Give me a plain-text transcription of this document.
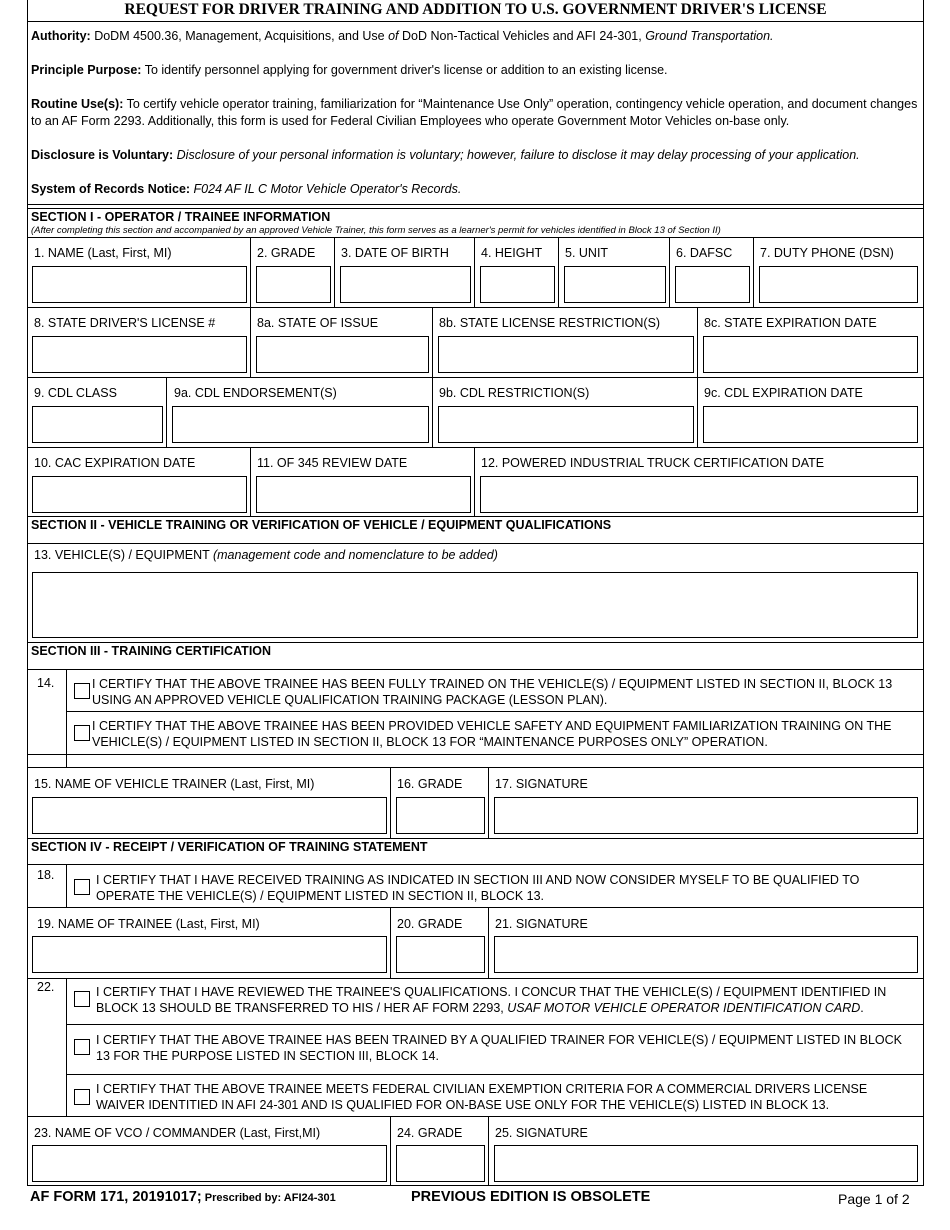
REQUEST FOR DRIVER TRAINING AND ADDITION TO U.S. GOVERNMENT DRIVER'S LICENSE
Authority: DoDM 4500.36, Management, Acquisitions, and Use of DoD Non-Tactical Vehicles and AFI 24-301, Ground Transportation.
Principle Purpose: To identify personnel applying for government driver's license or addition to an existing license.
Routine Use(s): To certify vehicle operator training, familiarization for “Maintenance Use Only” operation, contingency vehicle operation, and document changes to an AF Form 2293. Additionally, this form is used for Federal Civilian Employees who operate Government Motor Vehicles on-base only.
Disclosure is Voluntary: Disclosure of your personal information is voluntary; however, failure to disclose it may delay processing of your application.
System of Records Notice: F024 AF IL C Motor Vehicle Operator's Records.
SECTION I - OPERATOR / TRAINEE INFORMATION
(After completing this section and accompanied by an approved Vehicle Trainer, this form serves as a learner's permit for vehicles identified in Block 13 of Section II)
1. NAME (Last, First, MI)	2. GRADE 3. DATE OF BIRTH	4. HEIGHT 5. UNIT	6. DAFSC 7. DUTY PHONE (DSN)
8. STATE DRIVER'S LICENSE #	8a. STATE OF ISSUE	8b. STATE LICENSE RESTRICTION(S)	8c. STATE EXPIRATION DATE
9. CDL CLASS	9a. CDL ENDORSEMENT(S)	9b. CDL RESTRICTION(S)	9c. CDL EXPIRATION DATE
10. CAC EXPIRATION DATE	11. OF 345 REVIEW DATE	12. POWERED INDUSTRIAL TRUCK CERTIFICATION DATE
SECTION II - VEHICLE TRAINING OR VERIFICATION OF VEHICLE / EQUIPMENT QUALIFICATIONS
13. VEHICLE(S) / EQUIPMENT (management code and nomenclature to be added)
SECTION III - TRAINING CERTIFICATION
14.	I CERTIFY THAT THE ABOVE TRAINEE HAS BEEN FULLY TRAINED ON THE VEHICLE(S) / EQUIPMENT LISTED IN SECTION II, BLOCK 13 USING AN APPROVED VEHICLE QUALIFICATION TRAINING PACKAGE (LESSON PLAN).
I CERTIFY THAT THE ABOVE TRAINEE HAS BEEN PROVIDED VEHICLE SAFETY AND EQUIPMENT FAMILIARIZATION TRAINING ON THE VEHICLE(S) / EQUIPMENT LISTED IN SECTION II, BLOCK 13 FOR “MAINTENANCE PURPOSES ONLY” OPERATION.
15. NAME OF VEHICLE TRAINER (Last, First, MI)	16. GRADE	17. SIGNATURE
SECTION IV - RECEIPT / VERIFICATION OF TRAINING STATEMENT
18.	I CERTIFY THAT I HAVE RECEIVED TRAINING AS INDICATED IN SECTION III AND NOW CONSIDER MYSELF TO BE QUALIFIED TO OPERATE THE VEHICLE(S) / EQUIPMENT LISTED IN SECTION II, BLOCK 13.
19. NAME OF TRAINEE (Last, First, MI)	20. GRADE	21. SIGNATURE
22.	I CERTIFY THAT I HAVE REVIEWED THE TRAINEE'S QUALIFICATIONS. I CONCUR THAT THE VEHICLE(S) / EQUIPMENT IDENTIFIED IN BLOCK 13 SHOULD BE TRANSFERRED TO HIS / HER AF FORM 2293, USAF MOTOR VEHICLE OPERATOR IDENTIFICATION CARD.
I CERTIFY THAT THE ABOVE TRAINEE HAS BEEN TRAINED BY A QUALIFIED TRAINER FOR VEHICLE(S) / EQUIPMENT LISTED IN BLOCK 13 FOR THE PURPOSE LISTED IN SECTION III, BLOCK 14.
I CERTIFY THAT THE ABOVE TRAINEE MEETS FEDERAL CIVILIAN EXEMPTION CRITERIA FOR A COMMERCIAL DRIVERS LICENSE WAIVER IDENTITIED IN AFI 24-301 AND IS QUALIFIED FOR ON-BASE USE ONLY FOR THE VEHICLE(S) LISTED IN BLOCK 13.
23. NAME OF VCO / COMMANDER (Last, First,MI)	24. GRADE	25. SIGNATURE
AF FORM 171, 20191017; Prescribed by: AFI24-301	PREVIOUS EDITION IS OBSOLETE	Page 1 of 2
